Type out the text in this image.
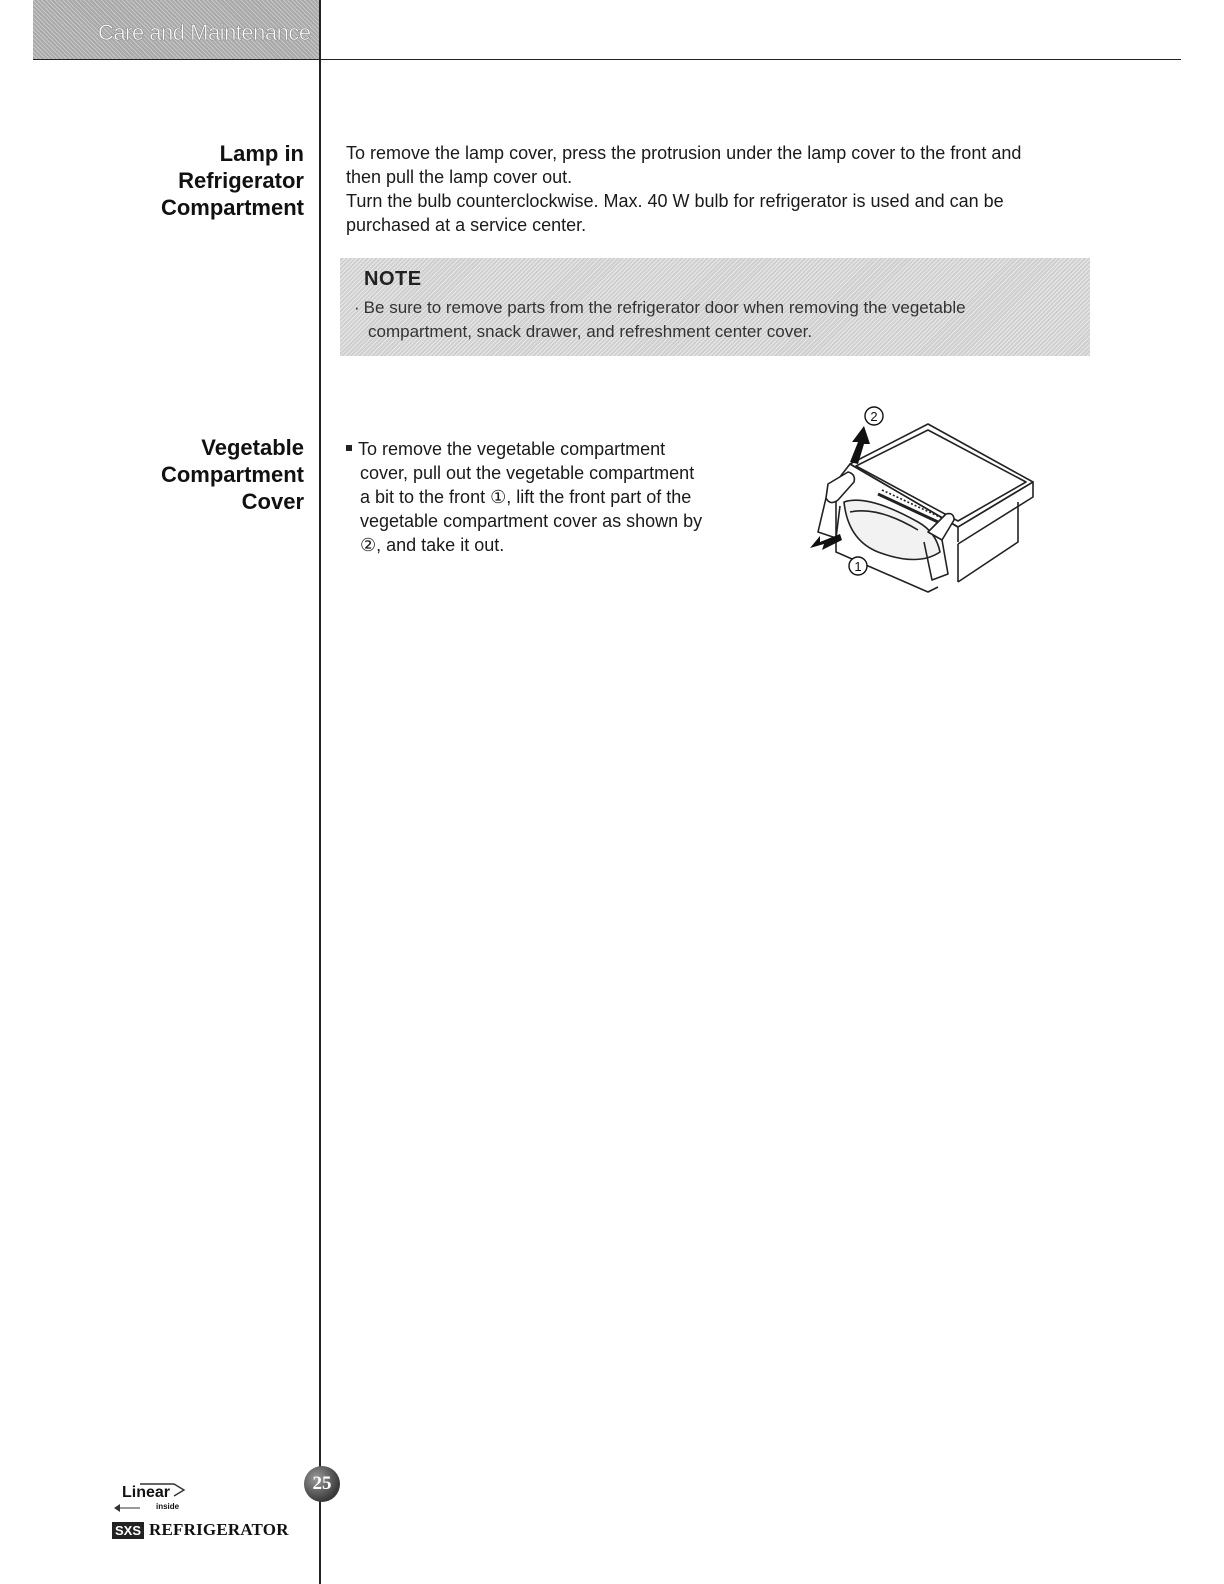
Care and Maintenance
Lamp in
Refrigerator
Compartment

To remove the lamp cover, press the protrusion under the lamp cover to the front and

then pull the lamp cover out.

Turn the bulb counterclockwise. Max. 40 W bulb for refrigerator is used and can be

purchased at a service center.

NOTE
· Be sure to remove parts from the refrigerator door when removing the vegetable
compartment, snack drawer, and refreshment center cover.
Vegetable
Compartment
Cover
To remove the vegetable compartment
cover, pull out the vegetable compartment
a bit to the front ①, lift the front part of the
vegetable compartment cover as shown by
②, and take it out.
2
1
25
Linear
inside
SXS REFRIGERATOR
